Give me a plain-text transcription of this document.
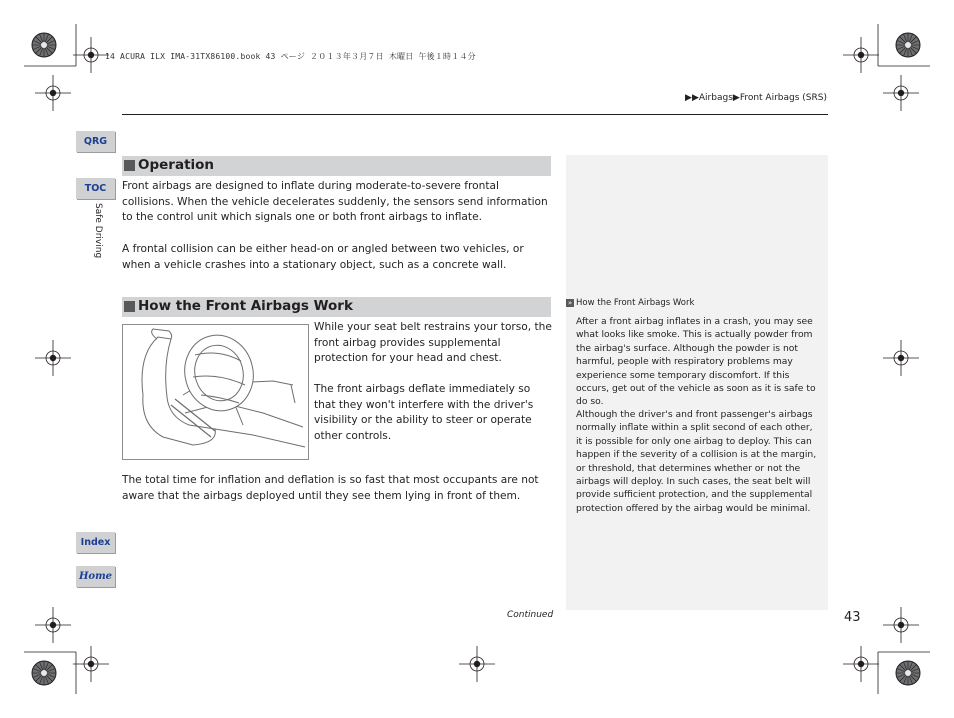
14 ACURA ILX IMA-31TX86100.book 43 ページ ２０１３年３月７日 木曜日 午後１時１４分
▶▶Airbags▶Front Airbags (SRS)
QRG
TOC
Safe Driving
Index
Home
Operation

Front airbags are designed to inflate during moderate-to-severe frontal collisions. When the vehicle decelerates suddenly, the sensors send information to the control unit which signals one or both front airbags to inflate.

A frontal collision can be either head-on or angled between two vehicles, or when a vehicle crashes into a stationary object, such as a concrete wall.

How the Front Airbags Work

While your seat belt restrains your torso, the front airbag provides supplemental protection for your head and chest.

The front airbags deflate immediately so that they won't interfere with the driver's visibility or the ability to steer or operate other controls.

The total time for inflation and deflation is so fast that most occupants are not aware that the airbags deployed until they see them lying in front of them.

» How the Front Airbags Work

After a front airbag inflates in a crash, you may see what looks like smoke. This is actually powder from the airbag's surface. Although the powder is not harmful, people with respiratory problems may experience some temporary discomfort. If this occurs, get out of the vehicle as soon as it is safe to do so.

Although the driver's and front passenger's airbags normally inflate within a split second of each other, it is possible for only one airbag to deploy. This can happen if the severity of a collision is at the margin, or threshold, that determines whether or not the airbags will deploy. In such cases, the seat belt will provide sufficient protection, and the supplemental protection offered by the airbag would be minimal.

Continued	43
